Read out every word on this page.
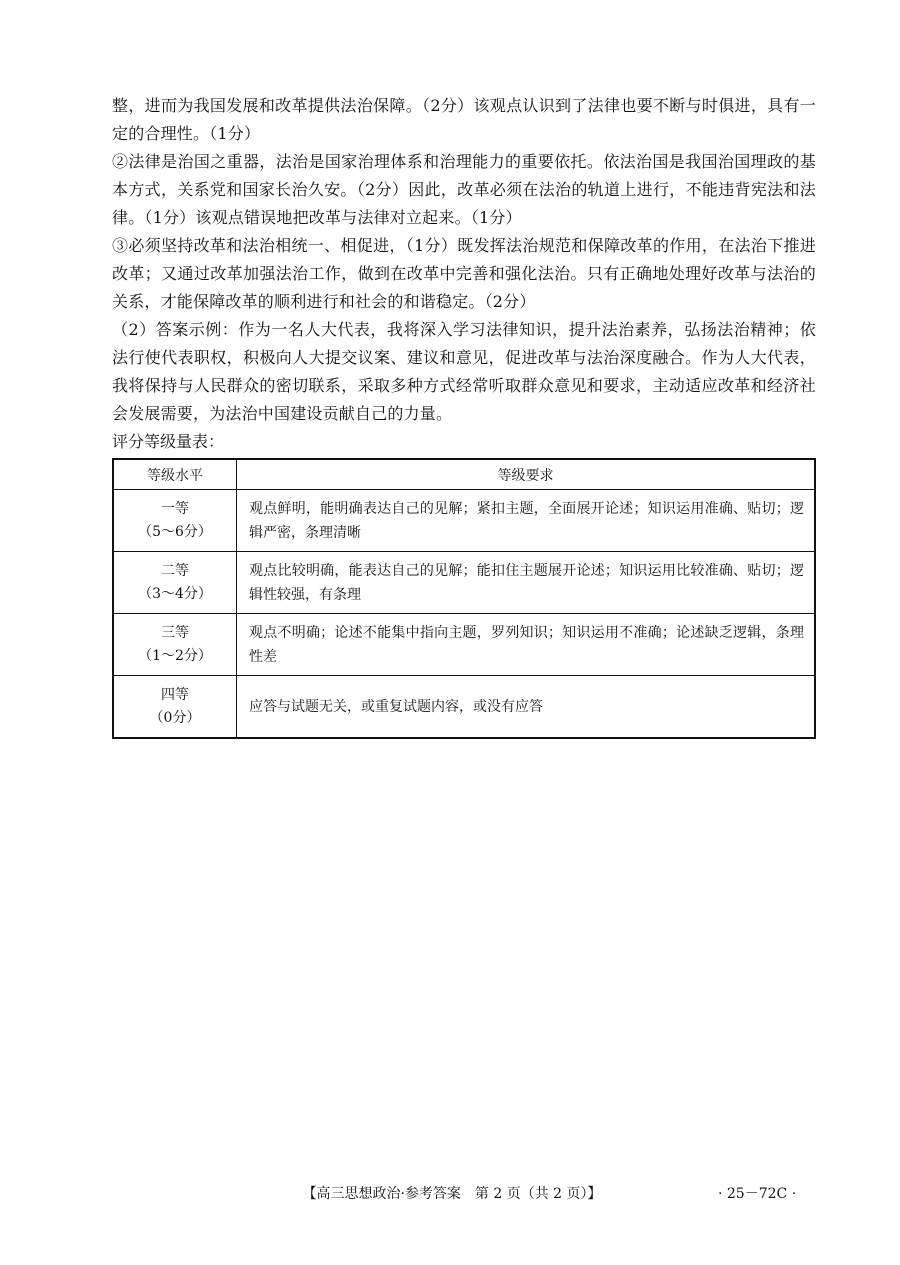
整，进而为我国发展和改革提供法治保障。（2分）该观点认识到了法律也要不断与时俱进，具有一定的合理性。（1分）

②法律是治国之重器，法治是国家治理体系和治理能力的重要依托。依法治国是我国治国理政的基本方式，关系党和国家长治久安。（2分）因此，改革必须在法治的轨道上进行，不能违背宪法和法律。（1分）该观点错误地把改革与法律对立起来。（1分）

③必须坚持改革和法治相统一、相促进，（1分）既发挥法治规范和保障改革的作用，在法治下推进改革；又通过改革加强法治工作，做到在改革中完善和强化法治。只有正确地处理好改革与法治的关系，才能保障改革的顺利进行和社会的和谐稳定。（2分）

（2）答案示例：作为一名人大代表，我将深入学习法律知识，提升法治素养，弘扬法治精神；依法行使代表职权，积极向人大提交议案、建议和意见，促进改革与法治深度融合。作为人大代表，我将保持与人民群众的密切联系，采取多种方式经常听取群众意见和要求，主动适应改革和经济社会发展需要，为法治中国建设贡献自己的力量。

评分等级量表：

等级水平	等级要求

一等
（5～6分）	观点鲜明，能明确表达自己的见解；紧扣主题，全面展开论述；知识运用准确、贴切；逻辑严密，条理清晰

二等
（3～4分）	观点比较明确，能表达自己的见解；能扣住主题展开论述；知识运用比较准确、贴切；逻辑性较强，有条理

三等
（1～2分）	观点不明确；论述不能集中指向主题，罗列知识；知识运用不准确；论述缺乏逻辑，条理性差

四等
（0分）	应答与试题无关，或重复试题内容，或没有应答
【高三思想政治·参考答案　第 2 页（共 2 页）】	· 25－72C ·
